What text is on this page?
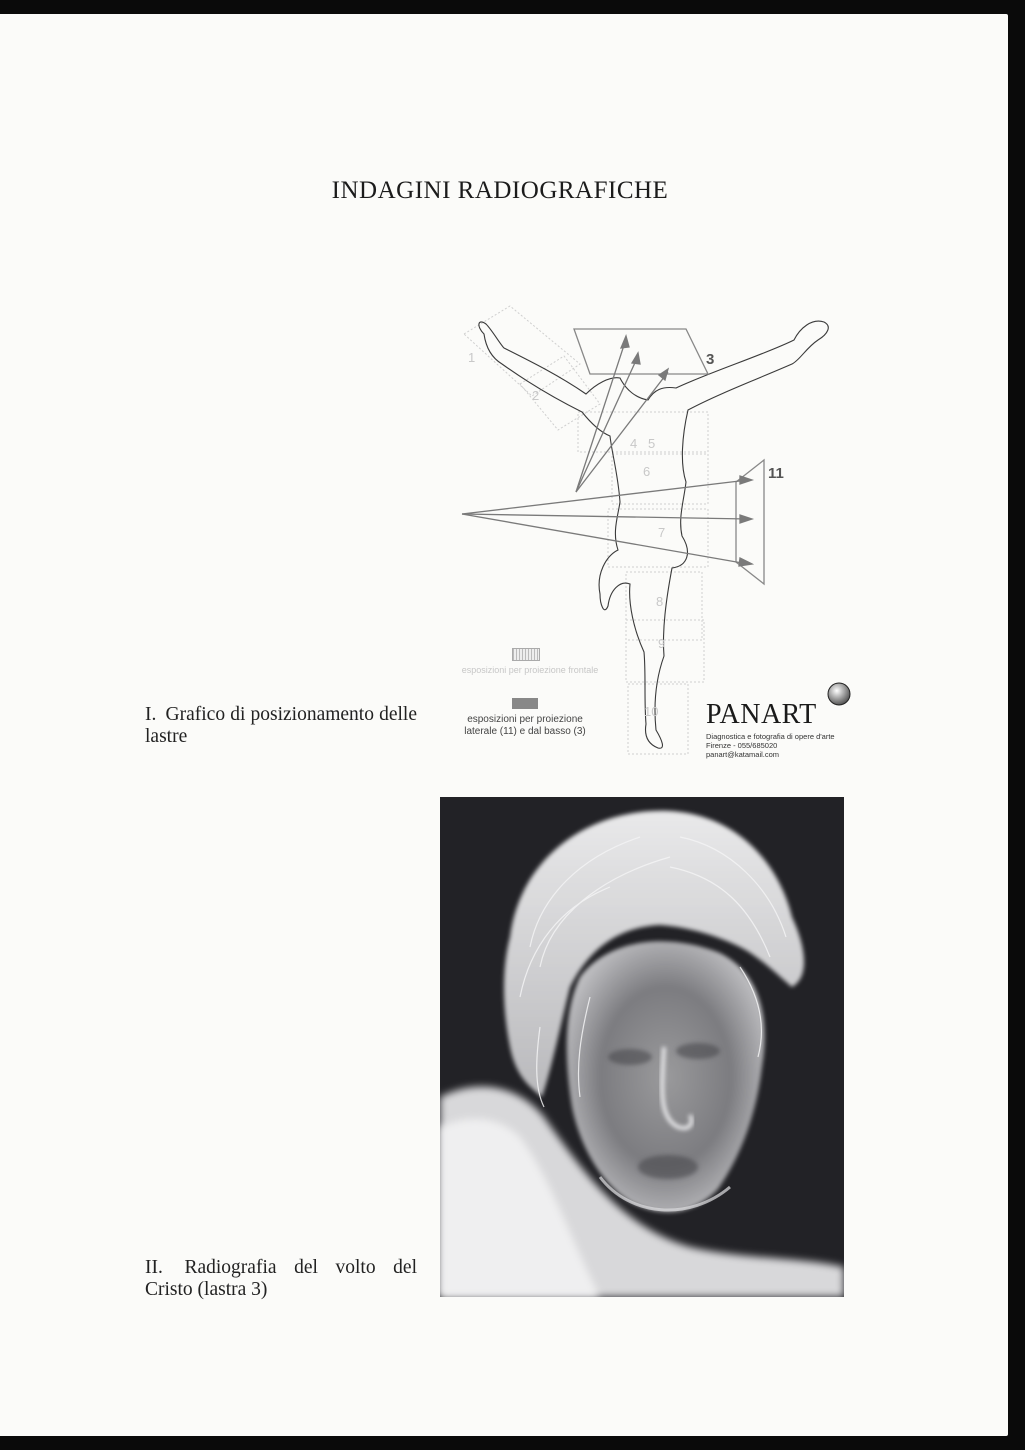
INDAGINI RADIOGRAFICHE
1
2
4 5
6
7
8
9
10
3
11
esposizioni per proiezione frontale
esposizioni per proiezione
laterale (11) e dal basso (3)
PANART
Diagnostica e fotografia di opere d'arte
Firenze - 055/685020
panart@katamail.com
I. Grafico di posizionamento delle lastre
II. Radiografia del volto del Cristo (lastra 3)
